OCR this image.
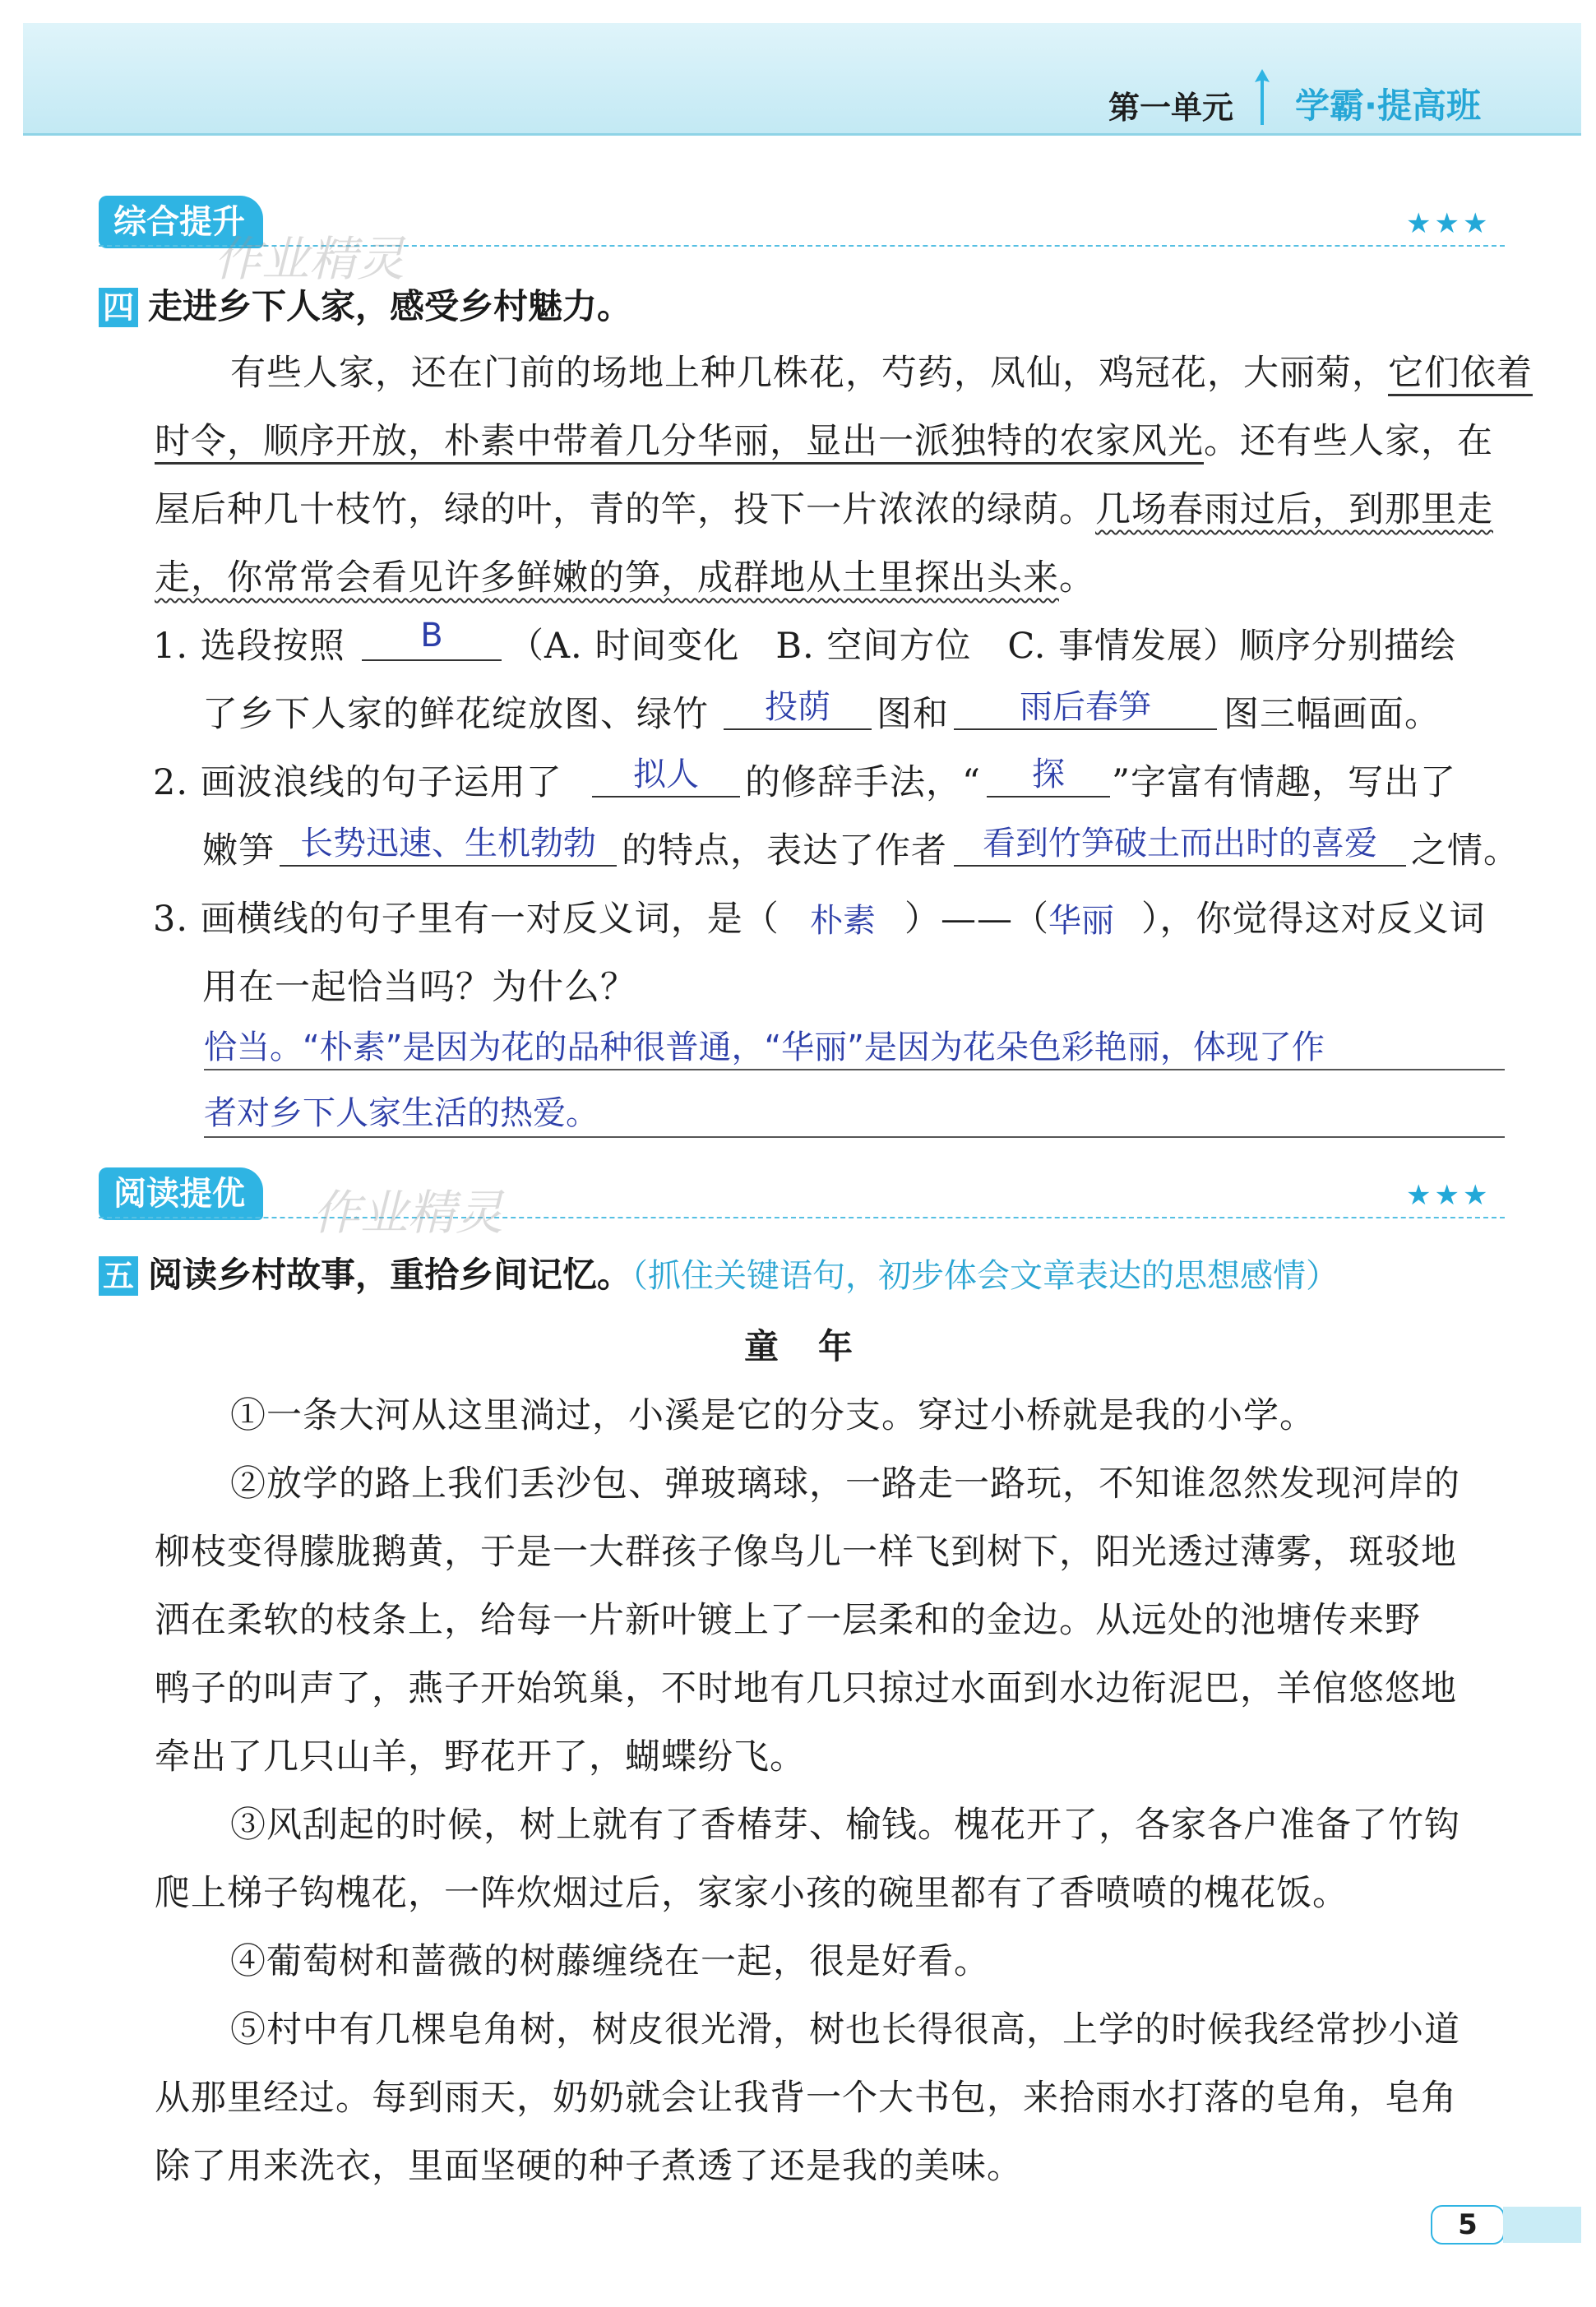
第一单元 学霸·提高班
综合提升	★★★
作业精灵
四 走进乡下人家，感受乡村魅力。
有些人家，还在门前的场地上种几株花，芍药，凤仙，鸡冠花，大丽菊，它们依着
时令，顺序开放，朴素中带着几分华丽，显出一派独特的农家风光。还有些人家，在
屋后种几十枝竹，绿的叶，青的竿，投下一片浓浓的绿荫。几场春雨过后，到那里走
走，你常常会看见许多鲜嫩的笋，成群地从土里探出头来。
1. 选段按照	B	（A. 时间变化　B. 空间方位　C. 事情发展）顺序分别描绘
了乡下人家的鲜花绽放图、绿竹	投荫	图和	雨后春笋	图三幅画面。
2. 画波浪线的句子运用了	拟人	的修辞手法，“	探	”字富有情趣，写出了
嫩笋 长势迅速、生机勃勃 的特点，表达了作者	看到竹笋破土而出时的喜爱 之情。
3. 画横线的句子里有一对反义词，是（ 朴素 ）——（ 华丽 ），你觉得这对反义词
用在一起恰当吗？为什么？
恰当。“朴素”是因为花的品种很普通，“华丽”是因为花朵色彩艳丽，体现了作
者对乡下人家生活的热爱。
阅读提优	★★★
作业精灵
五 阅读乡村故事，重拾乡间记忆。（抓住关键语句，初步体会文章表达的思想感情）
童年
①一条大河从这里淌过，小溪是它的分支。穿过小桥就是我的小学。
②放学的路上我们丢沙包、弹玻璃球，一路走一路玩，不知谁忽然发现河岸的
柳枝变得朦胧鹅黄，于是一大群孩子像鸟儿一样飞到树下，阳光透过薄雾，斑驳地
洒在柔软的枝条上，给每一片新叶镀上了一层柔和的金边。从远处的池塘传来野
鸭子的叫声了，燕子开始筑巢，不时地有几只掠过水面到水边衔泥巴，羊倌悠悠地
牵出了几只山羊，野花开了，蝴蝶纷飞。
③风刮起的时候，树上就有了香椿芽、榆钱。槐花开了，各家各户准备了竹钩
爬上梯子钩槐花，一阵炊烟过后，家家小孩的碗里都有了香喷喷的槐花饭。
④葡萄树和蔷薇的树藤缠绕在一起，很是好看。
⑤村中有几棵皂角树，树皮很光滑，树也长得很高，上学的时候我经常抄小道
从那里经过。每到雨天，奶奶就会让我背一个大书包，来拾雨水打落的皂角，皂角
除了用来洗衣，里面坚硬的种子煮透了还是我的美味。
5
